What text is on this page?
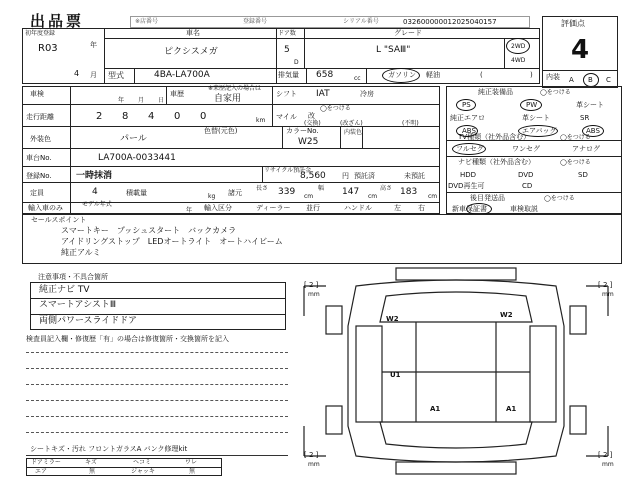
出品票	※店番号	登録番号	シリアル番号	032600000012025040157	評価点
4
内装 A B C
初年度登録
R03	年
4 月
車名
ピクシスメガ
ドア数
5
D
グレード
L "SAⅢ"	2WD
4WD
型式	4BA-LA700A	排気量 658	cc	ガソリン 軽油	(	)
車検
年 月 日
車歴
※来歴記入の場合は
自家用	シフト IAT	冷房
走行距離	2 8 4 0 0	km マイル
◯をつける
改
(交換)	(改ざん)	(不明)
外装色	パール
色替(元色)	カラーNo.
W25
内装色
車台No.	LA700A-0033441
登録No.	一時抹消
リサイクル預託金
8,560 円 預託済	未預託
定員	4	積載量	kg 諸元
長さ 339 cm
幅 147 cm
高さ 183 cm
輸入車のみ	モデル年式
年 輸入区分	ディーラー 並行	ハンドル	左 右
純正装備品	◯をつける
PS	PW	革シート
純正エアロ	革シート	SR
ABS	エアバッグ	ABS
TV種類（社外品含む）	◯をつける
フルセグ	ワンセグ	アナログ
ナビ種類（社外品含む）	◯をつける
HDD	DVD	SD
DVD再生可	CD
後目発送品	◯をつける
新車保証書	車検取説
セールスポイント
スマートキー　プッシュスタート　バックカメラ
アイドリングストップ　LEDオートライト　オートハイビーム
純正アルミ
注意事項・不具合箇所
純正ナビ TV
スマートアシストⅢ
両側パワースライドドア
検査員記入欄・修復歴「有」の場合は修復箇所・交換箇所を記入
シートキズ・汚れ フロントガラスA バンク修理kit
ドアミラー	キズ	ヘコミ	ワレ
エア	無	ジャッキ	無
[ 2 ]
mm
[ 2 ]
mm
[ 2 ]
mm
[ 2 ]
mm
W2	W2
U1
A1	A1
